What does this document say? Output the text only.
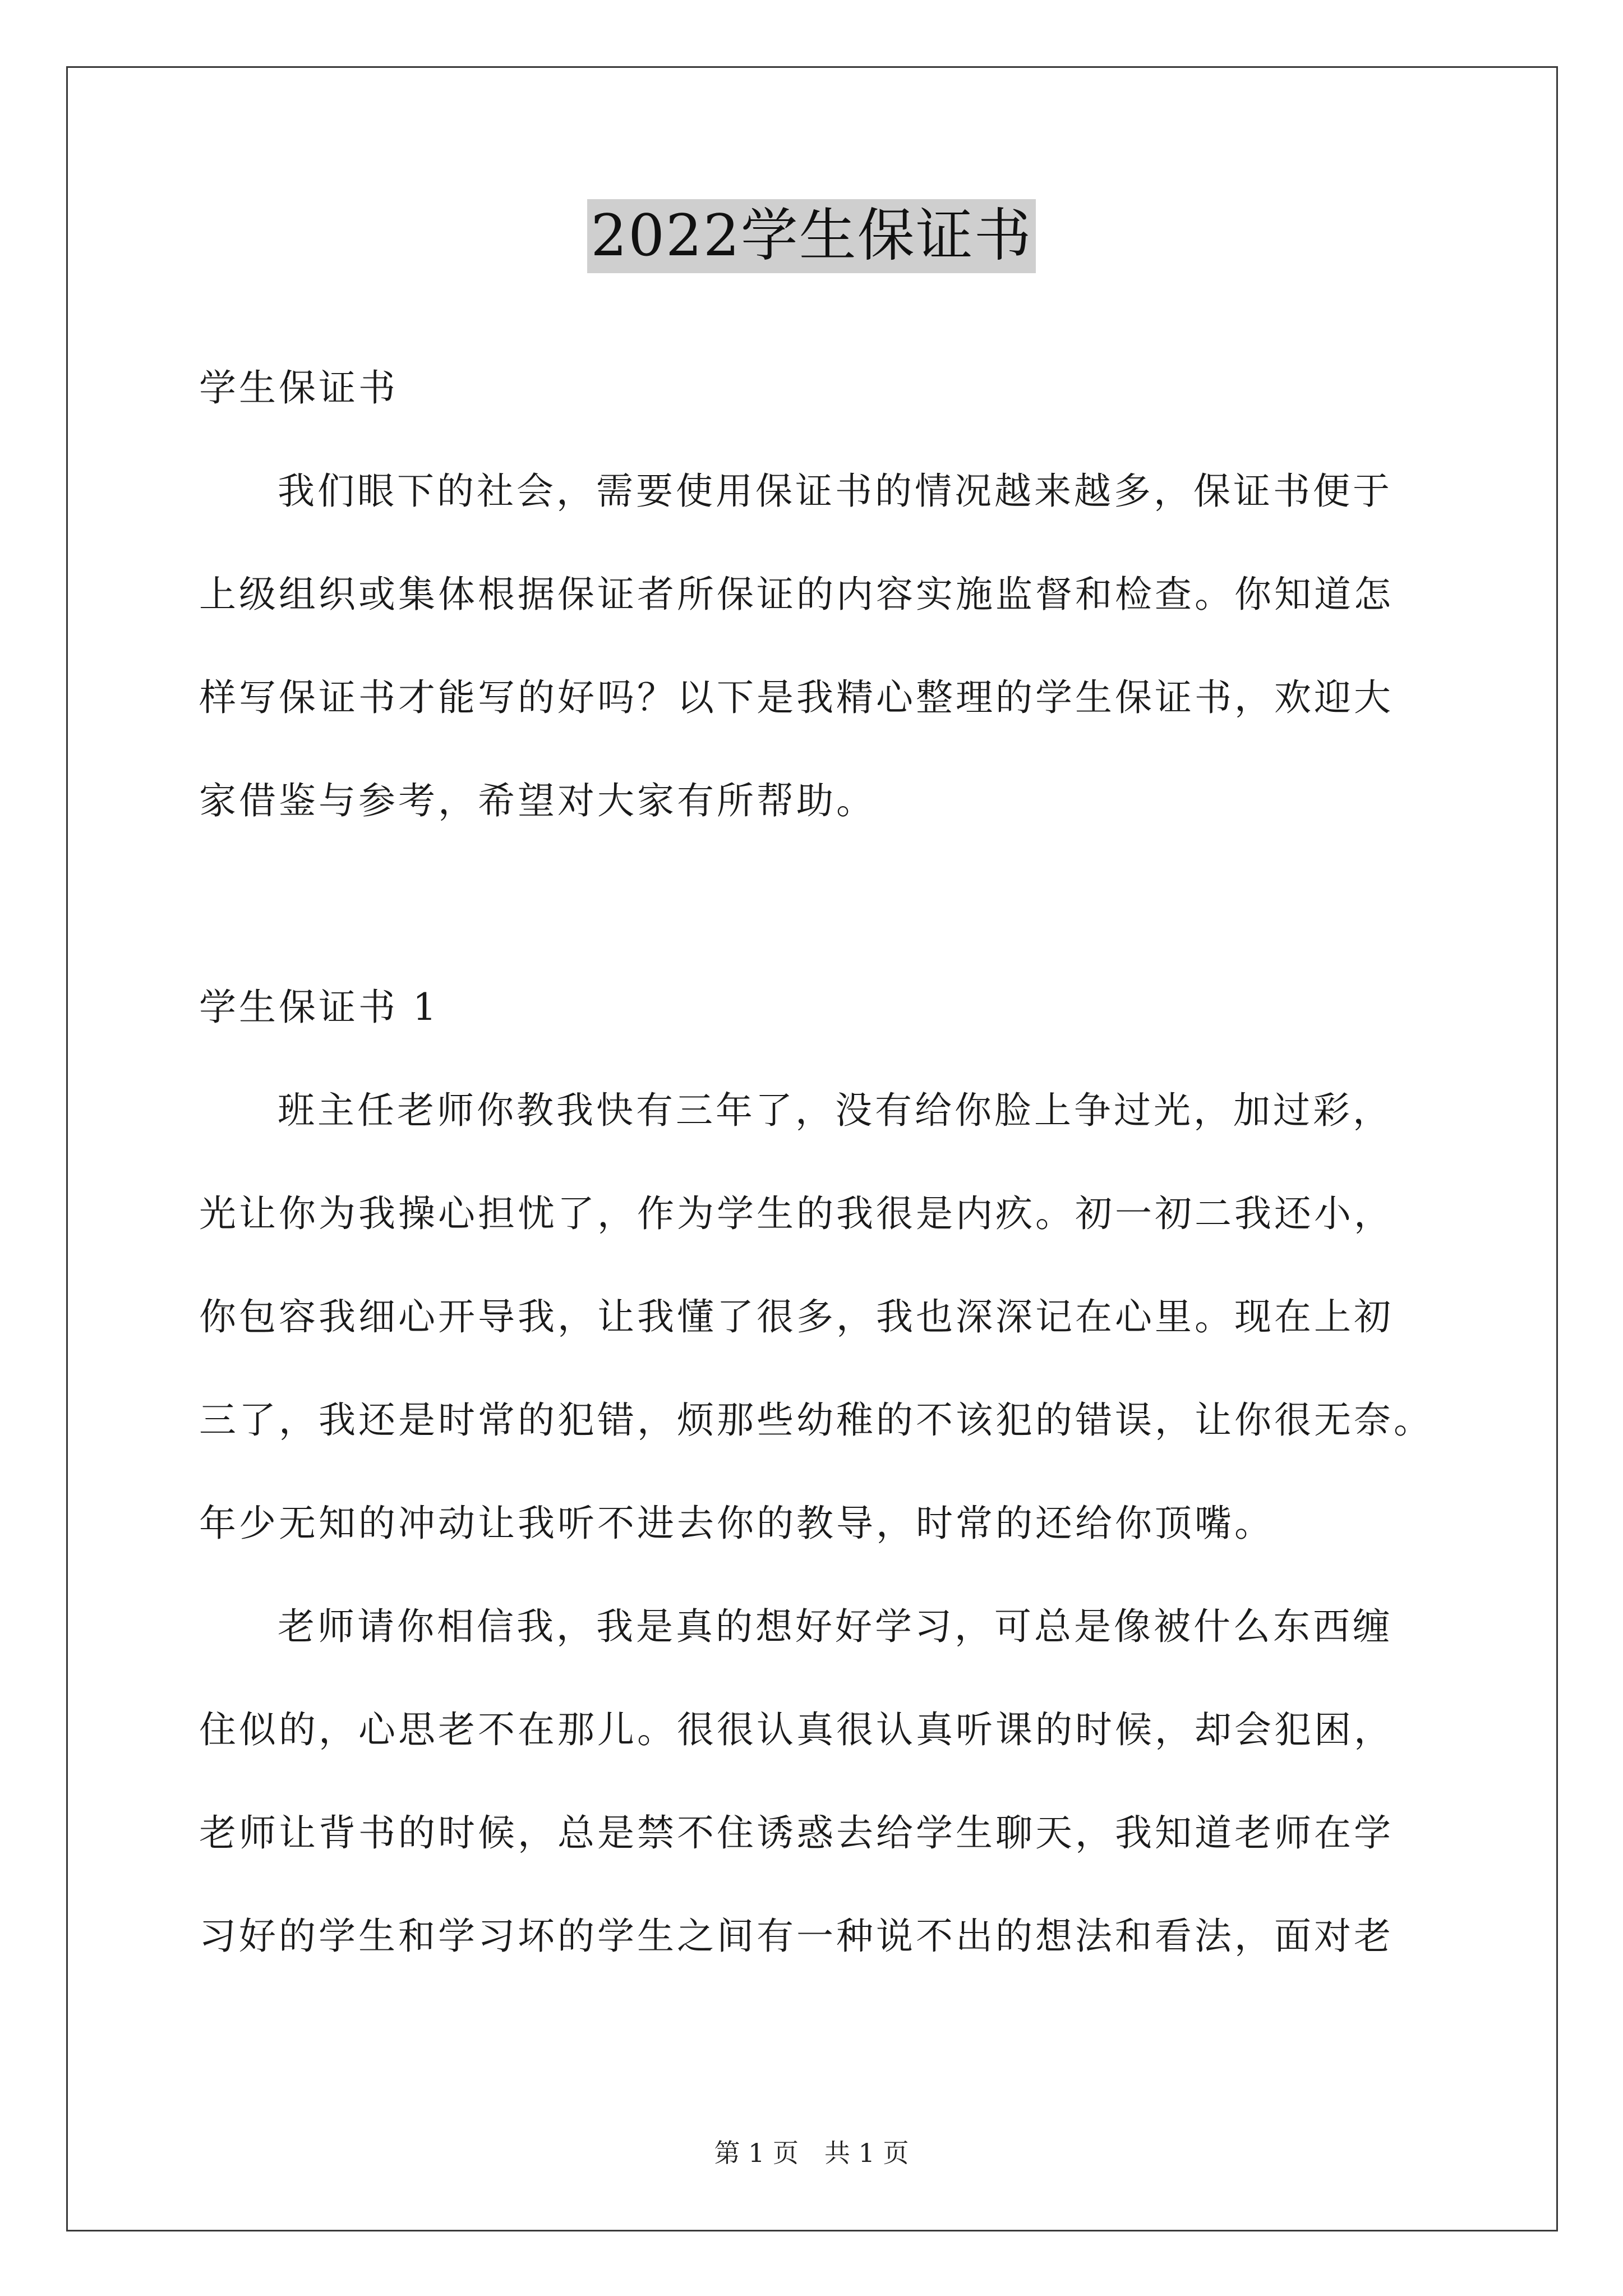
2022学生保证书
学生保证书
我们眼下的社会，需要使用保证书的情况越来越多，保证书便于
上级组织或集体根据保证者所保证的内容实施监督和检查。你知道怎
样写保证书才能写的好吗？以下是我精心整理的学生保证书，欢迎大
家借鉴与参考，希望对大家有所帮助。
学生保证书 1
班主任老师你教我快有三年了，没有给你脸上争过光，加过彩，
光让你为我操心担忧了，作为学生的我很是内疚。初一初二我还小，
你包容我细心开导我，让我懂了很多，我也深深记在心里。现在上初
三了，我还是时常的犯错，烦那些幼稚的不该犯的错误，让你很无奈。
年少无知的冲动让我听不进去你的教导，时常的还给你顶嘴。
老师请你相信我，我是真的想好好学习，可总是像被什么东西缠
住似的，心思老不在那儿。很很认真很认真听课的时候，却会犯困，
老师让背书的时候，总是禁不住诱惑去给学生聊天，我知道老师在学
习好的学生和学习坏的学生之间有一种说不出的想法和看法，面对老
第 1 页　共 1 页
